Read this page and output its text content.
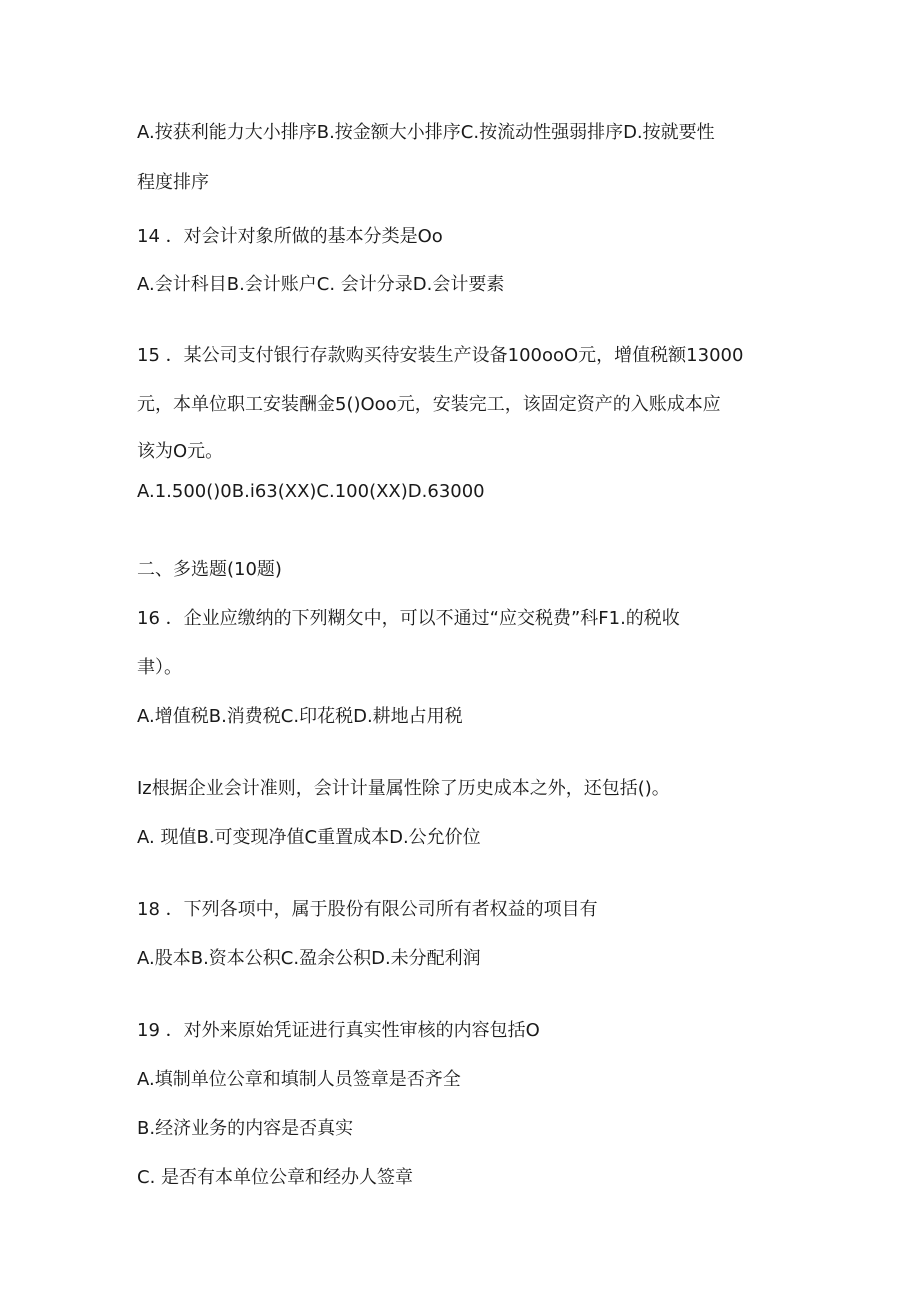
A.按获利能力大小排序B.按金额大小排序C.按流动性强弱排序D.按就要性
程度排序
14 ．对会计对象所做的基本分类是Oo
A.会计科目B.会计账户C. 会计分录D.会计要素
15 ．某公司支付银行存款购买待安装生产设备100ooO元，增值税额13000
元，本单位职工安装酬金5()Ooo元，安装完工，该固定资产的入账成本应
该为O元。
A.1.500()0B.i63(XX)C.100(XX)D.63000
二、多选题(10题)
16 ．企业应缴纳的下列糊攵中，可以不通过“应交税费”科F1.的税收
聿）。
A.增值税B.消费税C.印花税D.耕地占用税
Iz根据企业会计准则，会计计量属性除了历史成本之外，还包括()。
A. 现值B.可变现净值C重置成本D.公允价位
18 ．下列各项中，属于股份有限公司所有者权益的项目有
A.股本B.资本公积C.盈余公积D.未分配利润
19 ．对外来原始凭证进行真实性审核的内容包括O
A.填制单位公章和填制人员签章是否齐全
B.经济业务的内容是否真实
C. 是否有本单位公章和经办人签章
